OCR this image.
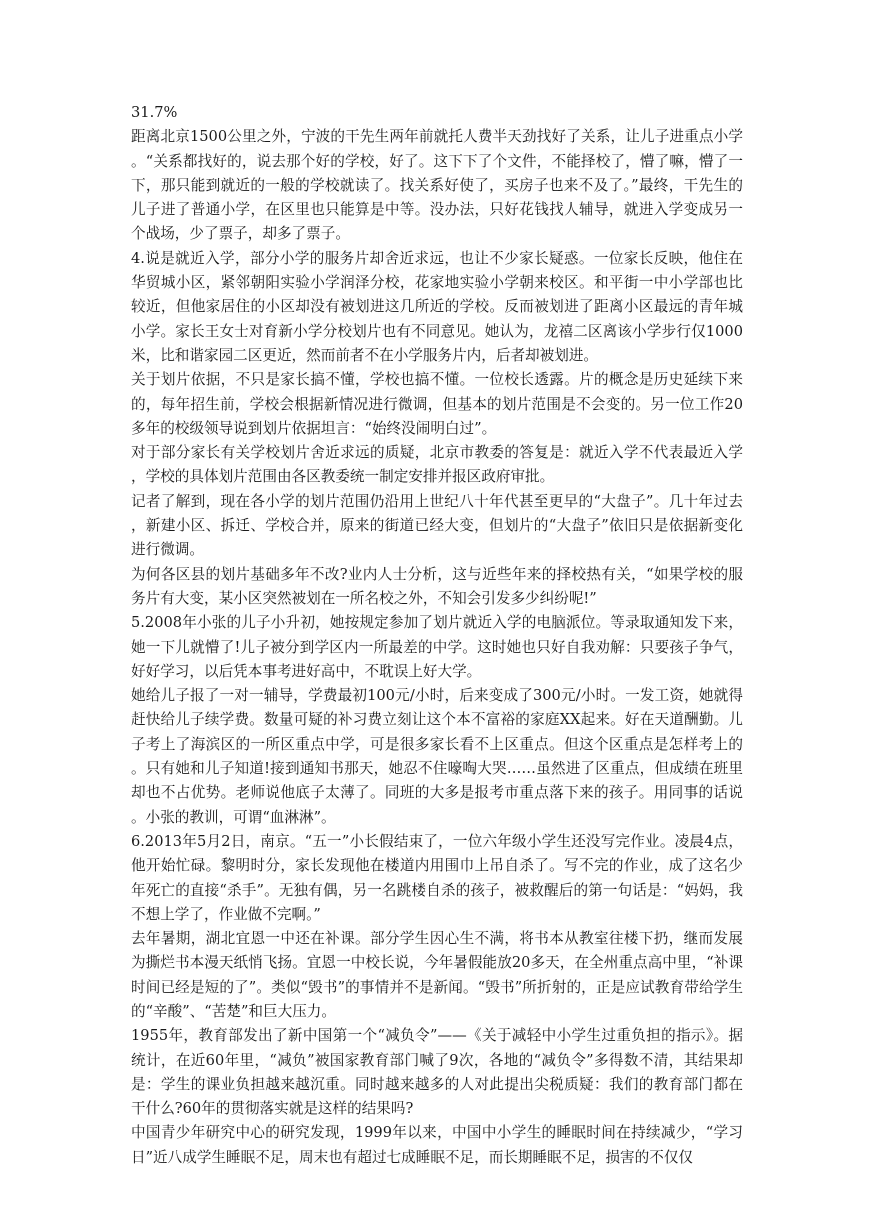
31.7%

距离北京1500公里之外，宁波的干先生两年前就托人费半天劲找好了关系，让儿子进重点小学。“关系都找好的，说去那个好的学校，好了。这下下了个文件，不能择校了，懵了嘛，懵了一下，那只能到就近的一般的学校就读了。找关系好使了，买房子也来不及了。”最终，干先生的儿子进了普通小学，在区里也只能算是中等。没办法，只好花钱找人辅导，就进入学变成另一个战场，少了票子，却多了票子。

4.说是就近入学，部分小学的服务片却舍近求远，也让不少家长疑惑。一位家长反映，他住在华贸城小区，紧邻朝阳实验小学润泽分校，花家地实验小学朝来校区。和平街一中小学部也比较近，但他家居住的小区却没有被划进这几所近的学校。反而被划进了距离小区最远的青年城小学。家长王女士对育新小学分校划片也有不同意见。她认为，龙禧二区离该小学步行仅1000米，比和谐家园二区更近，然而前者不在小学服务片内，后者却被划进。

关于划片依据，不只是家长搞不懂，学校也搞不懂。一位校长透露。片的概念是历史延续下来的，每年招生前，学校会根据新情况进行微调，但基本的划片范围是不会变的。另一位工作20多年的校级领导说到划片依据坦言：“始终没闹明白过”。

对于部分家长有关学校划片舍近求远的质疑，北京市教委的答复是：就近入学不代表最近入学，学校的具体划片范围由各区教委统一制定安排并报区政府审批。

记者了解到，现在各小学的划片范围仍沿用上世纪八十年代甚至更早的“大盘子”。几十年过去，新建小区、拆迁、学校合并，原来的街道已经大变，但划片的“大盘子”依旧只是依据新变化进行微调。

为何各区县的划片基础多年不改?业内人士分析，这与近些年来的择校热有关，“如果学校的服务片有大变，某小区突然被划在一所名校之外，不知会引发多少纠纷呢!”

5.2008年小张的儿子小升初，她按规定参加了划片就近入学的电脑派位。等录取通知发下来，她一下儿就懵了!儿子被分到学区内一所最差的中学。这时她也只好自我劝解：只要孩子争气，好好学习，以后凭本事考进好高中，不耽误上好大学。

她给儿子报了一对一辅导，学费最初100元/小时，后来变成了300元/小时。一发工资，她就得赶快给儿子续学费。数量可疑的补习费立刻让这个本不富裕的家庭XX起来。好在天道酬勤。儿子考上了海滨区的一所区重点中学，可是很多家长看不上区重点。但这个区重点是怎样考上的。只有她和儿子知道!接到通知书那天，她忍不住嚎啕大哭……虽然进了区重点，但成绩在班里却也不占优势。老师说他底子太薄了。同班的大多是报考市重点落下来的孩子。用同事的话说。小张的教训，可谓“血淋淋”。

6.2013年5月2日，南京。“五一”小长假结束了，一位六年级小学生还没写完作业。凌晨4点，他开始忙碌。黎明时分，家长发现他在楼道内用围巾上吊自杀了。写不完的作业，成了这名少年死亡的直接“杀手”。无独有偶，另一名跳楼自杀的孩子，被救醒后的第一句话是：“妈妈，我不想上学了，作业做不完啊。”

去年暑期，湖北宜恩一中还在补课。部分学生因心生不满，将书本从教室往楼下扔，继而发展为撕烂书本漫天纸悄飞扬。宜恩一中校长说，今年暑假能放20多天，在全州重点高中里，“补课时间已经是短的了”。类似“毁书”的事情并不是新闻。“毁书”所折射的，正是应试教育带给学生的“辛酸”、“苦楚”和巨大压力。

1955年，教育部发出了新中国第一个“减负令”——《关于减轻中小学生过重负担的指示》。据统计，在近60年里，“减负”被国家教育部门喊了9次，各地的“减负令”多得数不清，其结果却是：学生的课业负担越来越沉重。同时越来越多的人对此提出尖税质疑：我们的教育部门都在干什么?60年的贯彻落实就是这样的结果吗?

中国青少年研究中心的研究发现，1999年以来，中国中小学生的睡眠时间在持续减少，“学习日”近八成学生睡眠不足，周末也有超过七成睡眠不足，而长期睡眠不足，损害的不仅仅
